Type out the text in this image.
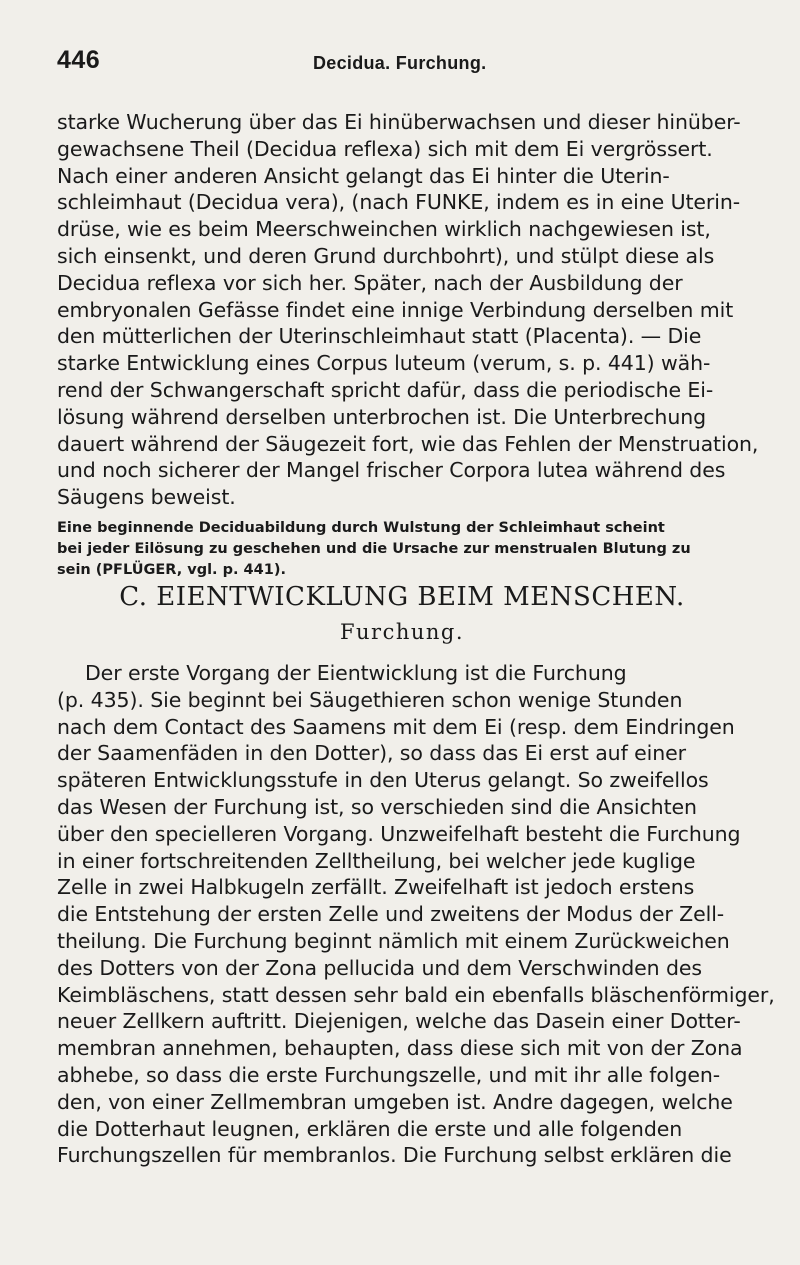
446	Decidua. Furchung.
starke Wucherung über das Ei hinüberwachsen und dieser hinüber-
gewachsene Theil (Decidua reflexa) sich mit dem Ei vergrössert.
Nach einer anderen Ansicht gelangt das Ei hinter die Uterin-
schleimhaut (Decidua vera), (nach FUNKE, indem es in eine Uterin-
drüse, wie es beim Meerschweinchen wirklich nachgewiesen ist,
sich einsenkt, und deren Grund durchbohrt), und stülpt diese als
Decidua reflexa vor sich her. Später, nach der Ausbildung der
embryonalen Gefässe findet eine innige Verbindung derselben mit
den mütterlichen der Uterinschleimhaut statt (Placenta). — Die
starke Entwicklung eines Corpus luteum (verum, s. p. 441) wäh-
rend der Schwangerschaft spricht dafür, dass die periodische Ei-
lösung während derselben unterbrochen ist. Die Unterbrechung
dauert während der Säugezeit fort, wie das Fehlen der Menstruation,
und noch sicherer der Mangel frischer Corpora lutea während des
Säugens beweist.
Eine beginnende Deciduabildung durch Wulstung der Schleimhaut scheint
bei jeder Eilösung zu geschehen und die Ursache zur menstrualen Blutung zu
sein (PFLÜGER, vgl. p. 441).
C. EIENTWICKLUNG BEIM MENSCHEN.
Furchung.
Der erste Vorgang der Eientwicklung ist die Furchung
(p. 435). Sie beginnt bei Säugethieren schon wenige Stunden
nach dem Contact des Saamens mit dem Ei (resp. dem Eindringen
der Saamenfäden in den Dotter), so dass das Ei erst auf einer
späteren Entwicklungsstufe in den Uterus gelangt. So zweifellos
das Wesen der Furchung ist, so verschieden sind die Ansichten
über den specielleren Vorgang. Unzweifelhaft besteht die Furchung
in einer fortschreitenden Zelltheilung, bei welcher jede kuglige
Zelle in zwei Halbkugeln zerfällt. Zweifelhaft ist jedoch erstens
die Entstehung der ersten Zelle und zweitens der Modus der Zell-
theilung. Die Furchung beginnt nämlich mit einem Zurückweichen
des Dotters von der Zona pellucida und dem Verschwinden des
Keimbläschens, statt dessen sehr bald ein ebenfalls bläschenförmiger,
neuer Zellkern auftritt. Diejenigen, welche das Dasein einer Dotter-
membran annehmen, behaupten, dass diese sich mit von der Zona
abhebe, so dass die erste Furchungszelle, und mit ihr alle folgen-
den, von einer Zellmembran umgeben ist. Andre dagegen, welche
die Dotterhaut leugnen, erklären die erste und alle folgenden
Furchungszellen für membranlos. Die Furchung selbst erklären die
